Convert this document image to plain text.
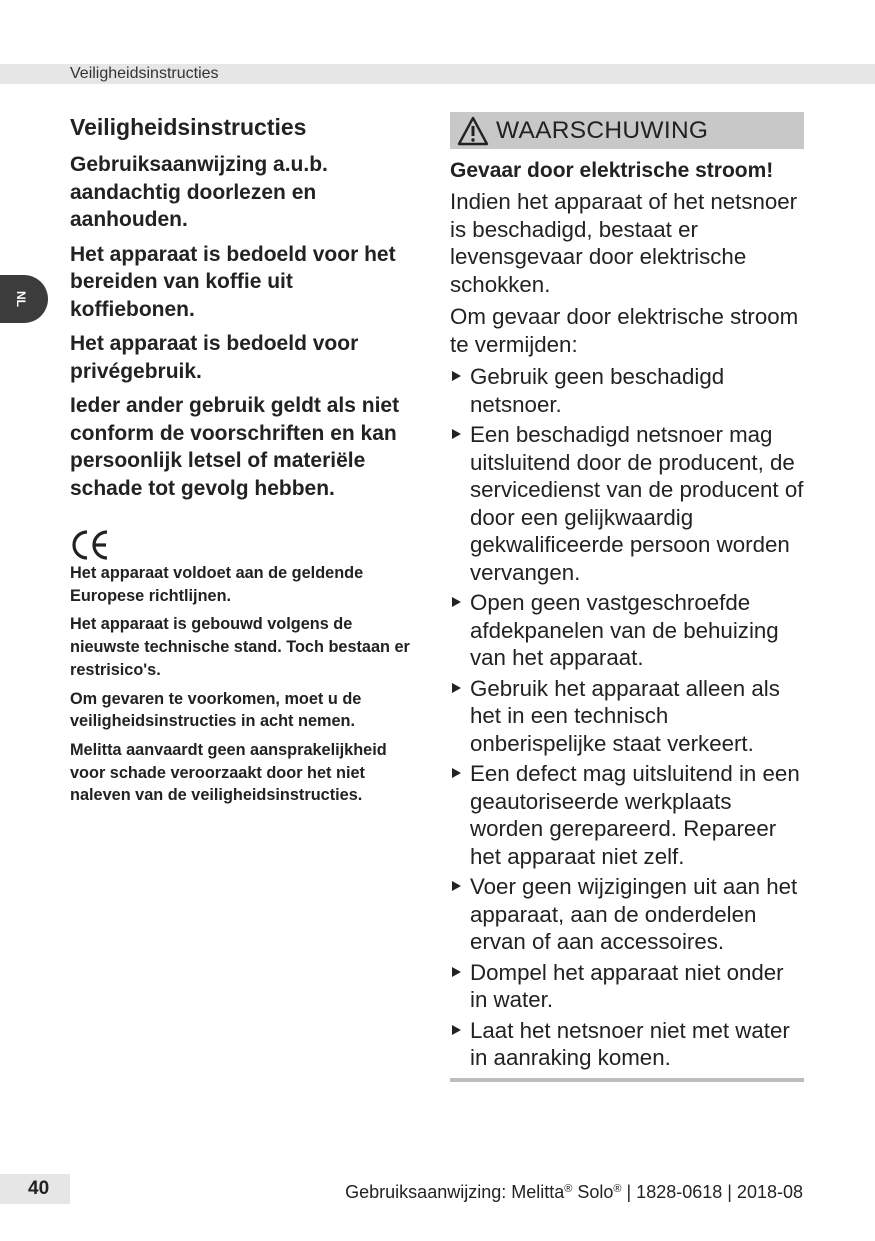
Veiligheidsinstructies
NL
Veiligheidsinstructies
Gebruiksaanwijzing a.u.b. aandachtig doorlezen en aanhouden.
Het apparaat is bedoeld voor het bereiden van koffie uit koffiebonen.
Het apparaat is bedoeld voor privégebruik.
Ieder ander gebruik geldt als niet conform de voorschriften en kan persoonlijk letsel of materiële schade tot gevolg hebben.
Het apparaat voldoet aan de geldende Europese richtlijnen.
Het apparaat is gebouwd volgens de nieuwste technische stand. Toch bestaan er restrisico's.
Om gevaren te voorkomen, moet u de veiligheidsinstructies in acht nemen.
Melitta aanvaardt geen aansprakelijkheid voor schade veroorzaakt door het niet naleven van de veiligheidsinstructies.
WAARSCHUWING
Gevaar door elektrische stroom!
Indien het apparaat of het netsnoer is beschadigd, bestaat er levensgevaar door elektrische schokken.
Om gevaar door elektrische stroom te vermijden:
Gebruik geen beschadigd netsnoer.
Een beschadigd netsnoer mag uitsluitend door de producent, de servicedienst van de producent of door een gelijkwaardig gekwalificeerde persoon worden vervangen.
Open geen vastgeschroefde afdekpanelen van de behuizing van het apparaat.
Gebruik het apparaat alleen als het in een technisch onberispelijke staat verkeert.
Een defect mag uitsluitend in een geautoriseerde werkplaats worden gerepareerd. Repareer het apparaat niet zelf.
Voer geen wijzigingen uit aan het apparaat, aan de onderdelen ervan of aan accessoires.
Dompel het apparaat niet onder in water.
Laat het netsnoer niet met water in aanraking komen.
40	Gebruiksaanwijzing: Melitta® Solo® | 1828-0618 | 2018-08
